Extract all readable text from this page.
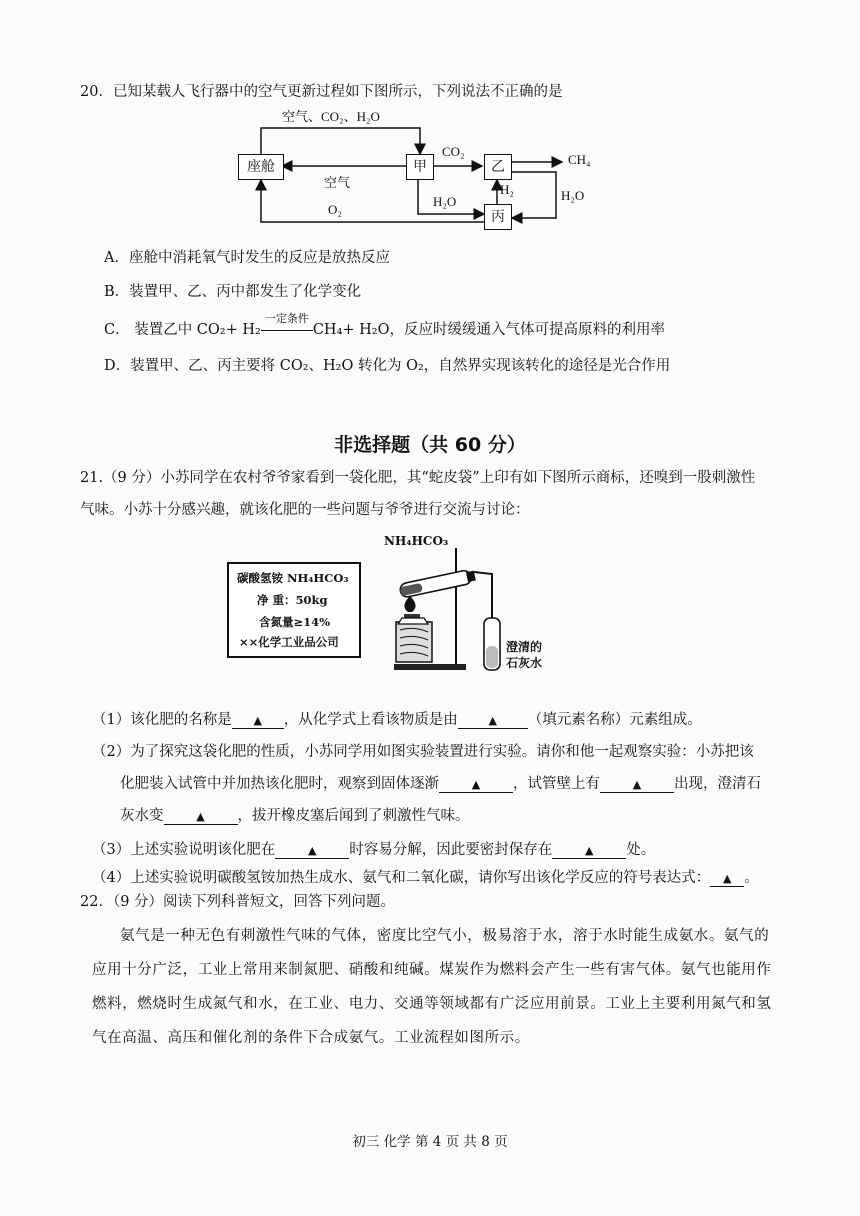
20．已知某载人飞行器中的空气更新过程如下图所示，下列说法不正确的是
空气、CO₂、H₂O
座舱	甲	乙
丙
CH₄
空气
O₂
CO₂
H₂O
H₂	H₂O
A．座舱中消耗氧气时发生的反应是放热反应
B．装置甲、乙、丙中都发生了化学变化
C． 装置乙中 CO₂+ H₂
一定条件
CH₄+ H₂O，反应时缓缓通入气体可提高原料的利用率
D．装置甲、乙、丙主要将 CO₂、H₂O 转化为 O₂，自然界实现该转化的途径是光合作用
非选择题（共 60 分）
21.（9 分）小苏同学在农村爷爷家看到一袋化肥，其“蛇皮袋”上印有如下图所示商标，还嗅到一股刺激性
气味。小苏十分感兴趣，就该化肥的一些问题与爷爷进行交流与讨论：
碳酸氢铵 NH₄HCO₃
净 重：50kg
含氮量≥14%
××化学工业品公司
NH₄HCO₃
澄清的
石灰水
（1）该化肥的名称是 ▲ ，从化学式上看该物质是由	▲ （填元素名称）元素组成。
（2）为了探究这袋化肥的性质，小苏同学用如图实验装置进行实验。请你和他一起观察实验：小苏把该
化肥装入试管中并加热该化肥时，观察到固体逐渐	▲ ，试管壁上有	▲ 出现，澄清石
灰水变	▲ ，拔开橡皮塞后闻到了刺激性气味。
（3）上述实验说明该化肥在	▲ 时容易分解，因此要密封保存在	▲ 处。
（4）上述实验说明碳酸氢铵加热生成水、氨气和二氧化碳，请你写出该化学反应的符号表达式： ▲ 。
22．（9 分）阅读下列科普短文，回答下列问题。
氨气是一种无色有刺激性气味的气体，密度比空气小，极易溶于水，溶于水时能生成氨水。氨气的
应用十分广泛，工业上常用来制氮肥、硝酸和纯碱。煤炭作为燃料会产生一些有害气体。氨气也能用作
燃料，燃烧时生成氮气和水，在工业、电力、交通等领域都有广泛应用前景。工业上主要利用氮气和氢
气在高温、高压和催化剂的条件下合成氨气。工业流程如图所示。
初三 化学 第 4 页 共 8 页
